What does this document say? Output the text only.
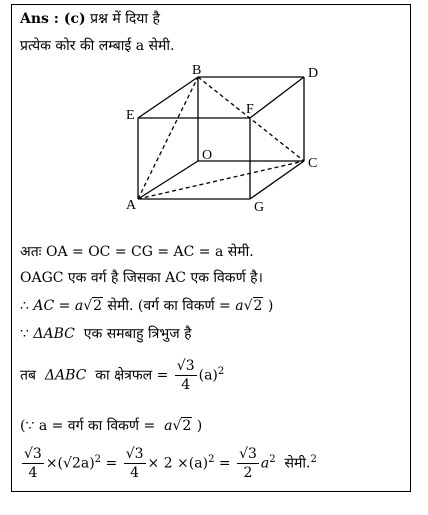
Ans : (c) प्रश्न में दिया है
प्रत्येक कोर की लम्बाई a सेमी.
B	D
E	F
O
C
A	G
अतः OA = OC = CG = AC = a सेमी.
OAGC एक वर्ग है जिसका AC एक विकर्ण है।
∴ AC = a√2 सेमी. (वर्ग का विकर्ण = a√2 )
∵ ΔABC एक समबाहु त्रिभुज है
तब ΔABC का क्षेत्रफल = $\frac{√3}{4} (a)^2$
(∵ a = वर्ग का विकर्ण = a√2 )
$\frac{√3}{4} \times(√2a)^2 = \frac{√3}{4} \times 2 \times(a)^2 = \frac{√3}{2} a^2$ सेमी.$^2$
